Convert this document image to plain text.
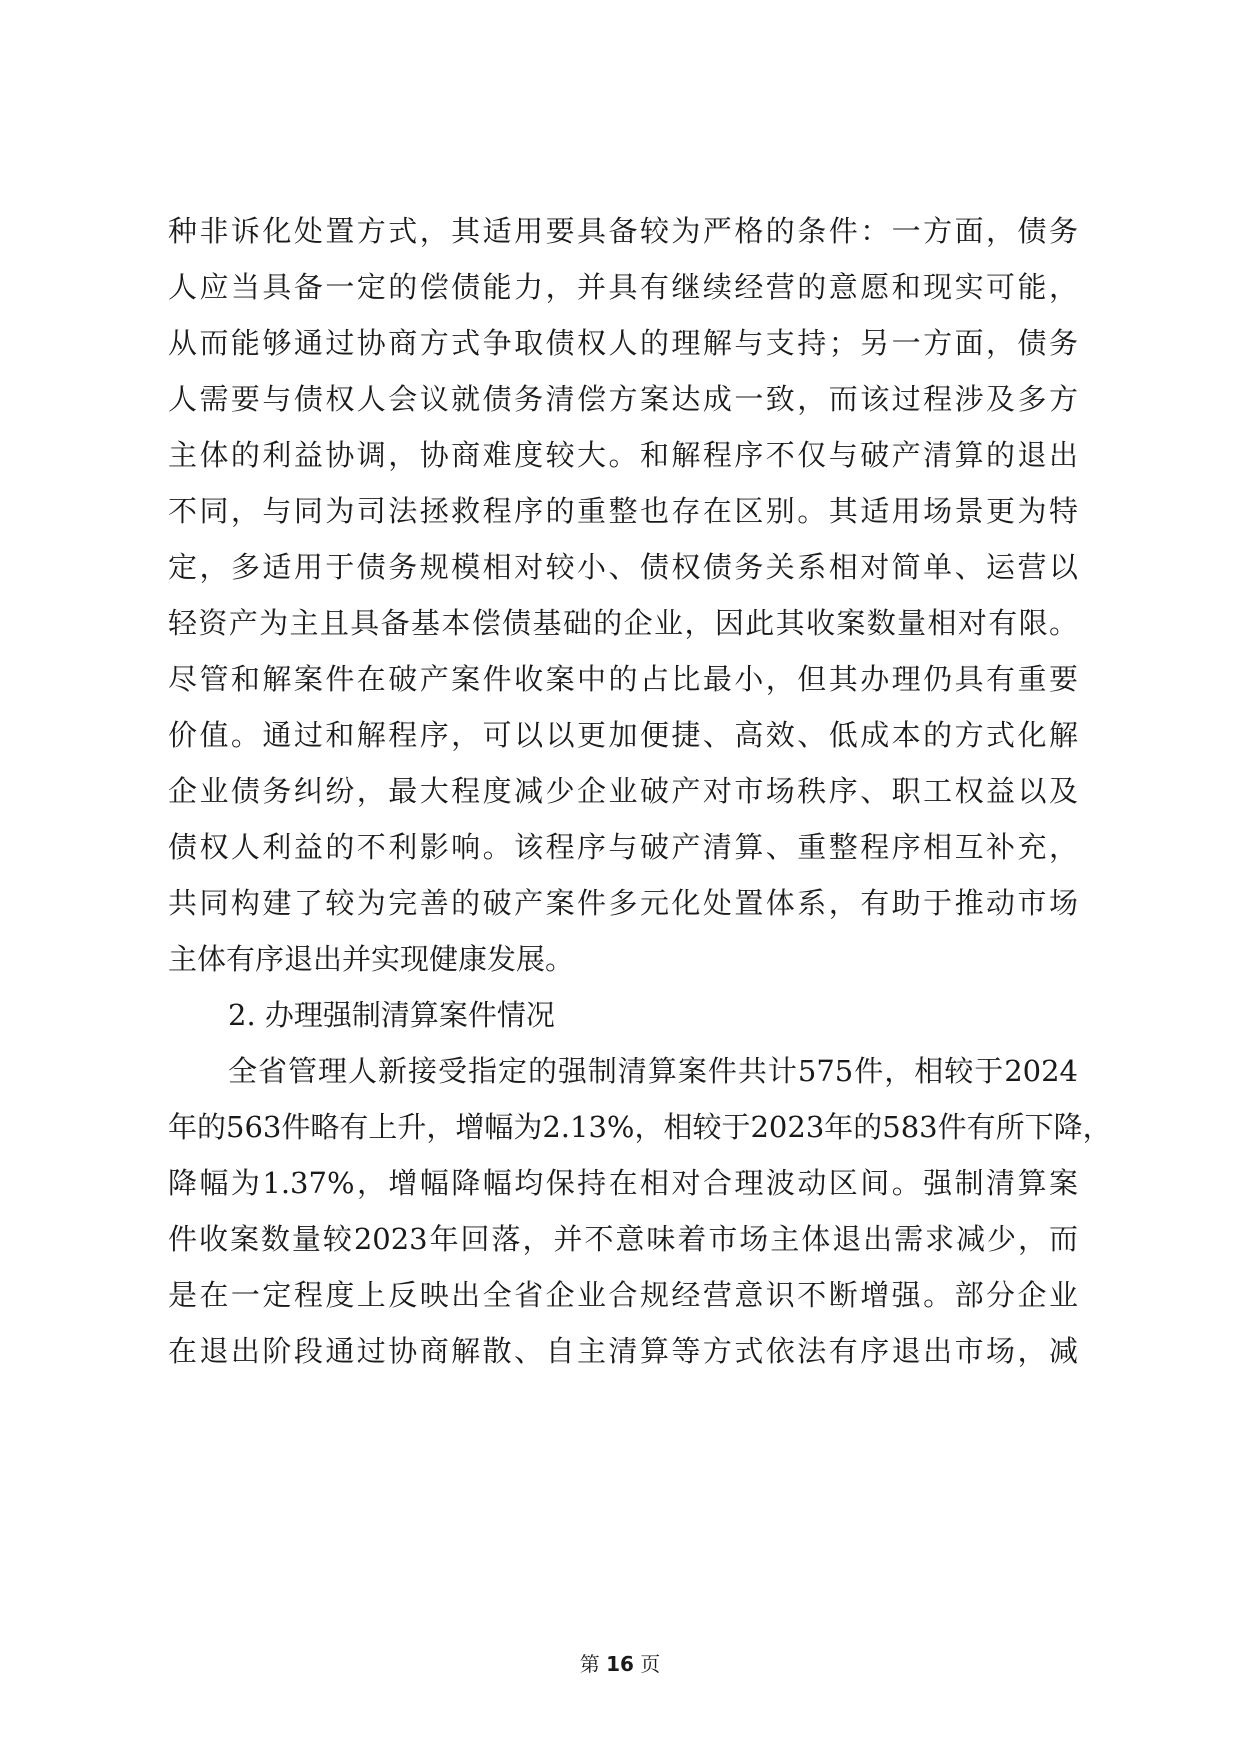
种非诉化处置方式，其适用要具备较为严格的条件：一方面，债务
人应当具备一定的偿债能力，并具有继续经营的意愿和现实可能，
从而能够通过协商方式争取债权人的理解与支持；另一方面，债务
人需要与债权人会议就债务清偿方案达成一致，而该过程涉及多方
主体的利益协调，协商难度较大。和解程序不仅与破产清算的退出
不同，与同为司法拯救程序的重整也存在区别。其适用场景更为特
定，多适用于债务规模相对较小、债权债务关系相对简单、运营以
轻资产为主且具备基本偿债基础的企业，因此其收案数量相对有限。
尽管和解案件在破产案件收案中的占比最小，但其办理仍具有重要
价值。通过和解程序，可以以更加便捷、高效、低成本的方式化解
企业债务纠纷，最大程度减少企业破产对市场秩序、职工权益以及
债权人利益的不利影响。该程序与破产清算、重整程序相互补充，
共同构建了较为完善的破产案件多元化处置体系，有助于推动市场
主体有序退出并实现健康发展。
2. 办理强制清算案件情况
全省管理人新接受指定的强制清算案件共计575件，相较于2024
年的563件略有上升，增幅为2.13%，相较于2023年的583件有所下降，
降幅为1.37%，增幅降幅均保持在相对合理波动区间。强制清算案
件收案数量较2023年回落，并不意味着市场主体退出需求减少，而
是在一定程度上反映出全省企业合规经营意识不断增强。部分企业
在退出阶段通过协商解散、自主清算等方式依法有序退出市场，减
第 16 页
